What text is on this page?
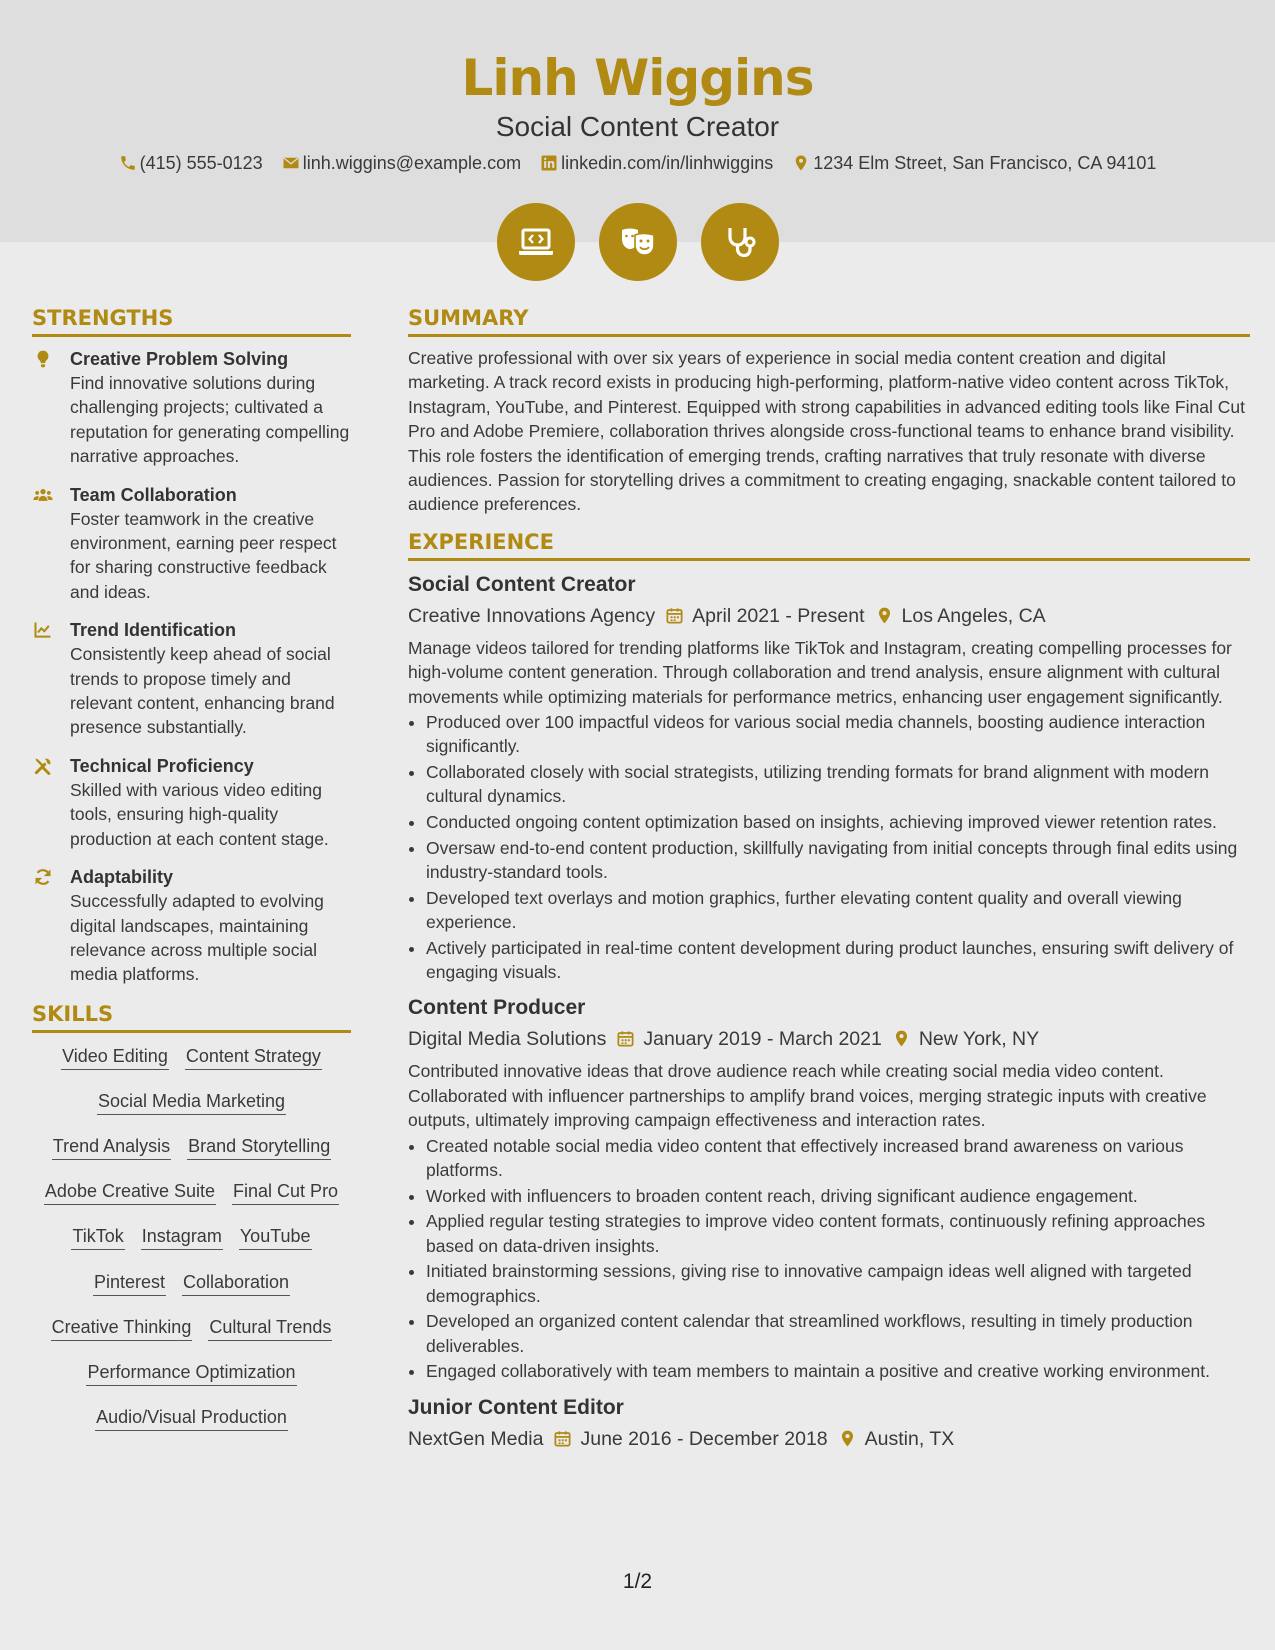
Linh Wiggins
Social Content Creator
(415) 555-0123 linh.wiggins@example.com linkedin.com/in/linhwiggins 1234 Elm Street, San Francisco, CA 94101

STRENGTHS
Creative Problem Solving
Find innovative solutions during challenging projects; cultivated a reputation for generating compelling narrative approaches.
Team Collaboration
Foster teamwork in the creative environment, earning peer respect for sharing constructive feedback and ideas.
Trend Identification
Consistently keep ahead of social trends to propose timely and relevant content, enhancing brand presence substantially.
Technical Proficiency
Skilled with various video editing tools, ensuring high-quality production at each content stage.
Adaptability
Successfully adapted to evolving digital landscapes, maintaining relevance across multiple social media platforms.
SKILLS
Video Editing Content Strategy
Social Media Marketing
Trend Analysis Brand Storytelling
Adobe Creative Suite Final Cut Pro
TikTok Instagram YouTube
Pinterest Collaboration
Creative Thinking Cultural Trends
Performance Optimization
Audio/Visual Production
SUMMARY
Creative professional with over six years of experience in social media content creation and digital marketing. A track record exists in producing high-performing, platform-native video content across TikTok, Instagram, YouTube, and Pinterest. Equipped with strong capabilities in advanced editing tools like Final Cut Pro and Adobe Premiere, collaboration thrives alongside cross-functional teams to enhance brand visibility. This role fosters the identification of emerging trends, crafting narratives that truly resonate with diverse audiences. Passion for storytelling drives a commitment to creating engaging, snackable content tailored to audience preferences.
EXPERIENCE
Social Content Creator
Creative Innovations Agency April 2021 - Present Los Angeles, CA
Manage videos tailored for trending platforms like TikTok and Instagram, creating compelling processes for high-volume content generation. Through collaboration and trend analysis, ensure alignment with cultural movements while optimizing materials for performance metrics, enhancing user engagement significantly.
• Produced over 100 impactful videos for various social media channels, boosting audience interaction significantly.
• Collaborated closely with social strategists, utilizing trending formats for brand alignment with modern cultural dynamics.
• Conducted ongoing content optimization based on insights, achieving improved viewer retention rates.
• Oversaw end-to-end content production, skillfully navigating from initial concepts through final edits using industry-standard tools.
• Developed text overlays and motion graphics, further elevating content quality and overall viewing experience.
• Actively participated in real-time content development during product launches, ensuring swift delivery of engaging visuals.
Content Producer
Digital Media Solutions January 2019 - March 2021 New York, NY
Contributed innovative ideas that drove audience reach while creating social media video content. Collaborated with influencer partnerships to amplify brand voices, merging strategic inputs with creative outputs, ultimately improving campaign effectiveness and interaction rates.
• Created notable social media video content that effectively increased brand awareness on various platforms.
• Worked with influencers to broaden content reach, driving significant audience engagement.
• Applied regular testing strategies to improve video content formats, continuously refining approaches based on data-driven insights.
• Initiated brainstorming sessions, giving rise to innovative campaign ideas well aligned with targeted demographics.
• Developed an organized content calendar that streamlined workflows, resulting in timely production deliverables.
• Engaged collaboratively with team members to maintain a positive and creative working environment.
Junior Content Editor
NextGen Media June 2016 - December 2018 Austin, TX
1/2
